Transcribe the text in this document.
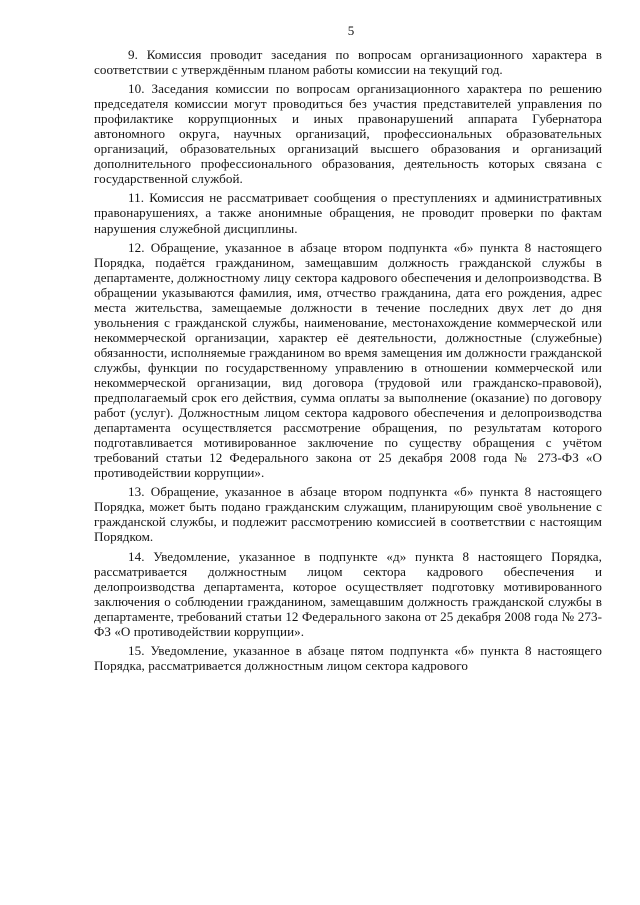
5

9. Комиссия проводит заседания по вопросам организационного характера в соответствии с утверждённым планом работы комиссии на текущий год.

10. Заседания комиссии по вопросам организационного характера по решению председателя комиссии могут проводиться без участия представителей управления по профилактике коррупционных и иных правонарушений аппарата Губернатора автономного округа, научных организаций, профессиональных образовательных организаций, образовательных организаций высшего образования и организаций дополнительного профессионального образования, деятельность которых связана с государственной службой.

11. Комиссия не рассматривает сообщения о преступлениях и административных правонарушениях, а также анонимные обращения, не проводит проверки по фактам нарушения служебной дисциплины.

12. Обращение, указанное в абзаце втором подпункта «б» пункта 8 настоящего Порядка, подаётся гражданином, замещавшим должность гражданской службы в департаменте, должностному лицу сектора кадрового обеспечения и делопроизводства. В обращении указываются фамилия, имя, отчество гражданина, дата его рождения, адрес места жительства, замещаемые должности в течение последних двух лет до дня увольнения с гражданской службы, наименование, местонахождение коммерческой или некоммерческой организации, характер её деятельности, должностные (служебные) обязанности, исполняемые гражданином во время замещения им должности гражданской службы, функции по государственному управлению в отношении коммерческой или некоммерческой организации, вид договора (трудовой или гражданско-правовой), предполагаемый срок его действия, сумма оплаты за выполнение (оказание) по договору работ (услуг). Должностным лицом сектора кадрового обеспечения и делопроизводства департамента осуществляется рассмотрение обращения, по результатам которого подготавливается мотивированное заключение по существу обращения с учётом требований статьи 12 Федерального закона от 25 декабря 2008 года № 273-ФЗ «О противодействии коррупции».

13. Обращение, указанное в абзаце втором подпункта «б» пункта 8 настоящего Порядка, может быть подано гражданским служащим, планирующим своё увольнение с гражданской службы, и подлежит рассмотрению комиссией в соответствии с настоящим Порядком.

14. Уведомление, указанное в подпункте «д» пункта 8 настоящего Порядка, рассматривается должностным лицом сектора кадрового обеспечения и делопроизводства департамента, которое осуществляет подготовку мотивированного заключения о соблюдении гражданином, замещавшим должность гражданской службы в департаменте, требований статьи 12 Федерального закона от 25 декабря 2008 года № 273-ФЗ «О противодействии коррупции».

15. Уведомление, указанное в абзаце пятом подпункта «б» пункта 8 настоящего Порядка, рассматривается должностным лицом сектора кадрового
